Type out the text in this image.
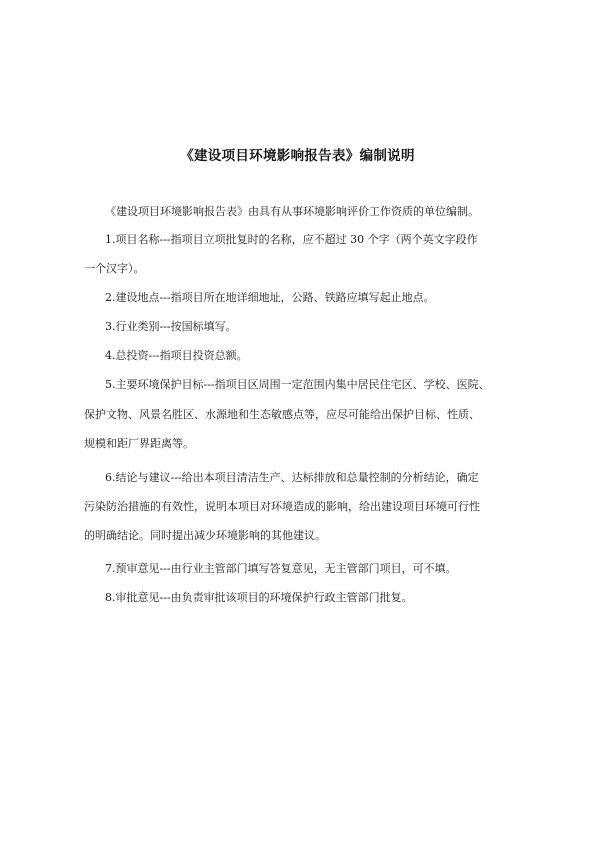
《建设项目环境影响报告表》编制说明
《建设项目环境影响报告表》由具有从事环境影响评价工作资质的单位编制。
1.项目名称---指项目立项批复时的名称，应不超过 30 个字（两个英文字段作
一个汉字）。
2.建设地点---指项目所在地详细地址，公路、铁路应填写起止地点。
3.行业类别---按国标填写。
4.总投资---指项目投资总额。
5.主要环境保护目标---指项目区周围一定范围内集中居民住宅区、学校、医院、
保护文物、风景名胜区、水源地和生态敏感点等，应尽可能给出保护目标、性质、
规模和距厂界距离等。
6.结论与建议---给出本项目清洁生产、达标排放和总量控制的分析结论，确定
污染防治措施的有效性，说明本项目对环境造成的影响，给出建设项目环境可行性
的明确结论。同时提出减少环境影响的其他建议。
7.预审意见---由行业主管部门填写答复意见，无主管部门项目，可不填。
8.审批意见---由负责审批该项目的环境保护行政主管部门批复。
